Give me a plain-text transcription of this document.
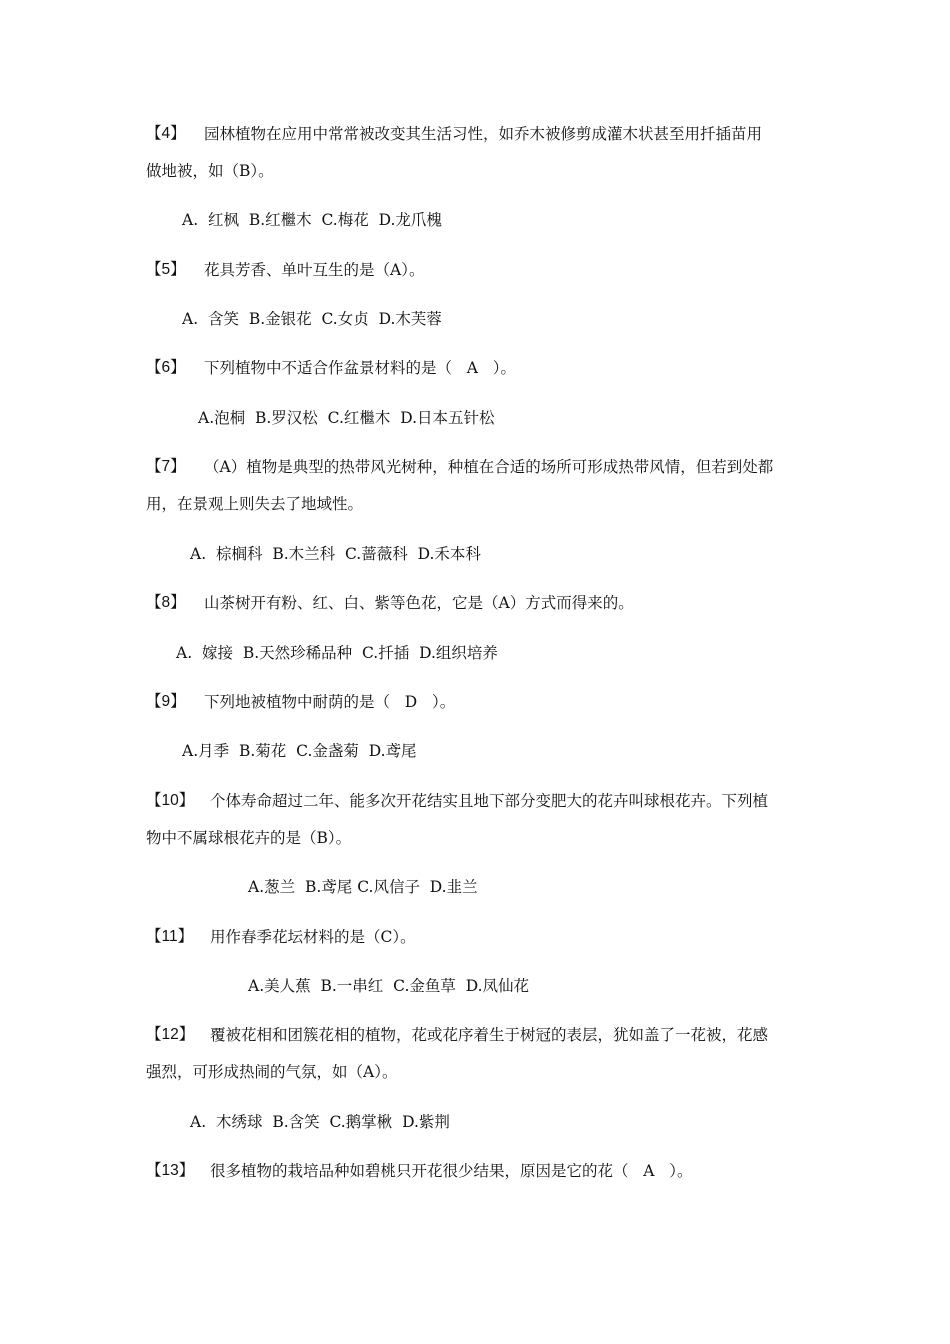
【4】 园林植物在应用中常常被改变其生活习性，如乔木被修剪成灌木状甚至用扦插苗用
做地被，如（B）。
A.  红枫  B.红檵木  C.梅花  D.龙爪槐
【5】 花具芳香、单叶互生的是（A）。
A.  含笑  B.金银花  C.女贞  D.木芙蓉
【6】 下列植物中不适合作盆景材料的是（   A   ）。
A.泡桐  B.罗汉松  C.红檵木  D.日本五针松
【7】 （A）植物是典型的热带风光树种，种植在合适的场所可形成热带风情，但若到处都
用，在景观上则失去了地域性。
A.  棕榈科  B.木兰科  C.蔷薇科  D.禾本科
【8】 山茶树开有粉、红、白、紫等色花，它是（A）方式而得来的。
A.  嫁接  B.天然珍稀品种  C.扦插  D.组织培养
【9】 下列地被植物中耐荫的是（   D   ）。
A.月季  B.菊花  C.金盏菊  D.鸢尾
【10】 个体寿命超过二年、能多次开花结实且地下部分变肥大的花卉叫球根花卉。下列植
物中不属球根花卉的是（B）。
A.葱兰  B.鸢尾 C.风信子  D.韭兰
【11】 用作春季花坛材料的是（C）。
A.美人蕉  B.一串红  C.金鱼草  D.凤仙花
【12】 覆被花相和团簇花相的植物，花或花序着生于树冠的表层，犹如盖了一花被，花感
强烈，可形成热闹的气氛，如（A）。
A.  木绣球  B.含笑  C.鹅掌楸  D.紫荆
【13】 很多植物的栽培品种如碧桃只开花很少结果，原因是它的花（   A   ）。
